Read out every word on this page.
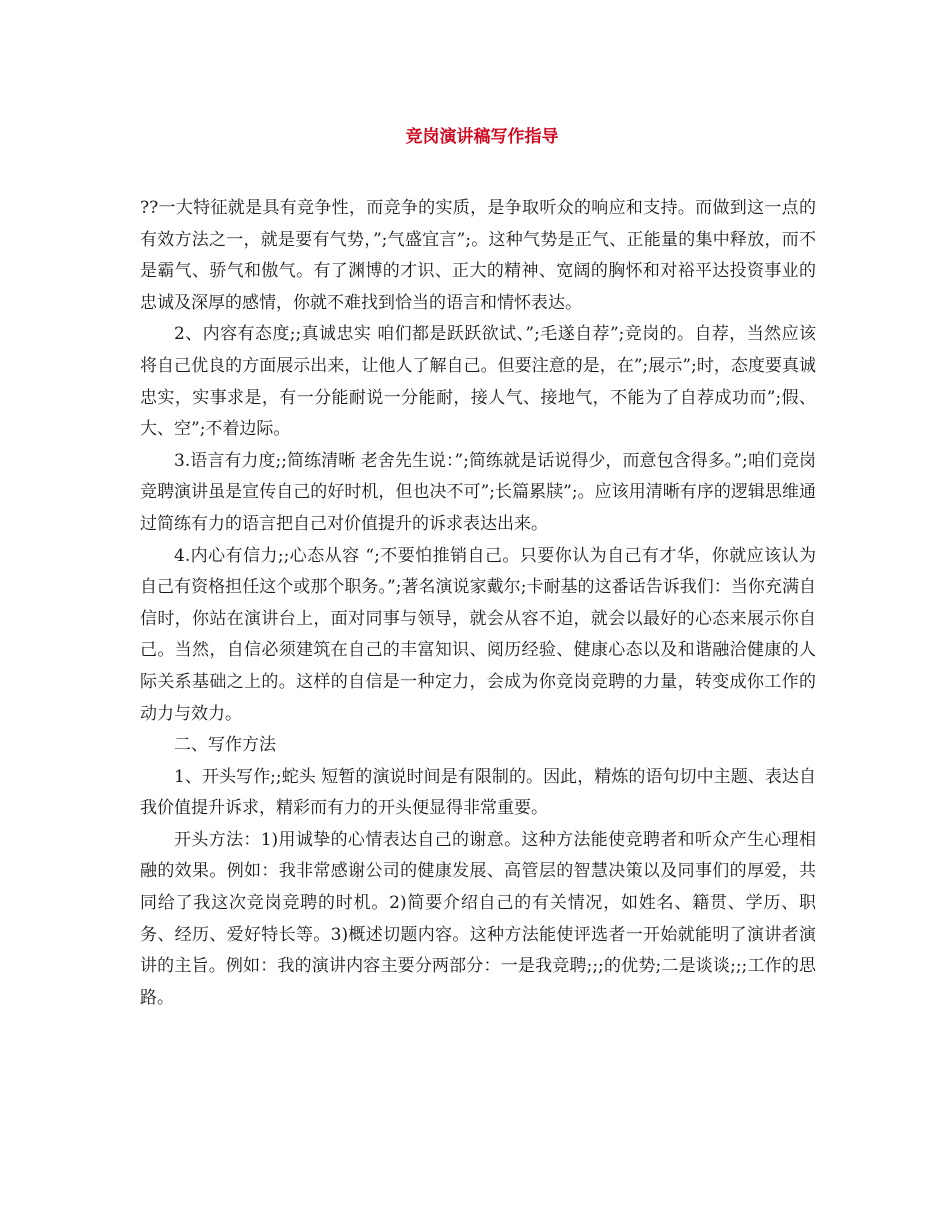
竞岗演讲稿写作指导

??一大特征就是具有竞争性，而竞争的实质，是争取听众的响应和支持。而做到这一点的有效方法之一，就是要有气势，”;气盛宜言”;。这种气势是正气、正能量的集中释放，而不是霸气、骄气和傲气。有了渊博的才识、正大的精神、宽阔的胸怀和对裕平达投资事业的忠诚及深厚的感情，你就不难找到恰当的语言和情怀表达。

2、内容有态度;;真诚忠实 咱们都是跃跃欲试、”;毛遂自荐”;竞岗的。自荐，当然应该将自己优良的方面展示出来，让他人了解自己。但要注意的是，在”;展示”;时，态度要真诚忠实，实事求是，有一分能耐说一分能耐，接人气、接地气，不能为了自荐成功而”;假、大、空”;不着边际。

3.语言有力度;;简练清晰 老舍先生说：”;简练就是话说得少，而意包含得多。”;咱们竞岗竞聘演讲虽是宣传自己的好时机，但也决不可”;长篇累牍”;。应该用清晰有序的逻辑思维通过简练有力的语言把自己对价值提升的诉求表达出来。

4.内心有信力;;心态从容 “;不要怕推销自己。只要你认为自己有才华，你就应该认为自己有资格担任这个或那个职务。”;著名演说家戴尔;卡耐基的这番话告诉我们：当你充满自信时，你站在演讲台上，面对同事与领导，就会从容不迫，就会以最好的心态来展示你自己。当然，自信必须建筑在自己的丰富知识、阅历经验、健康心态以及和谐融洽健康的人际关系基础之上的。这样的自信是一种定力，会成为你竞岗竞聘的力量，转变成你工作的动力与效力。

二、写作方法

1、开头写作;;蛇头 短暂的演说时间是有限制的。因此，精炼的语句切中主题、表达自我价值提升诉求，精彩而有力的开头便显得非常重要。

开头方法：1)用诚挚的心情表达自己的谢意。这种方法能使竞聘者和听众产生心理相融的效果。例如：我非常感谢公司的健康发展、高管层的智慧决策以及同事们的厚爱，共同给了我这次竞岗竞聘的时机。2)简要介绍自己的有关情况，如姓名、籍贯、学历、职务、经历、爱好特长等。3)概述切题内容。这种方法能使评选者一开始就能明了演讲者演讲的主旨。例如：我的演讲内容主要分两部分：一是我竞聘;;;的优势;二是谈谈;;;工作的思路。
